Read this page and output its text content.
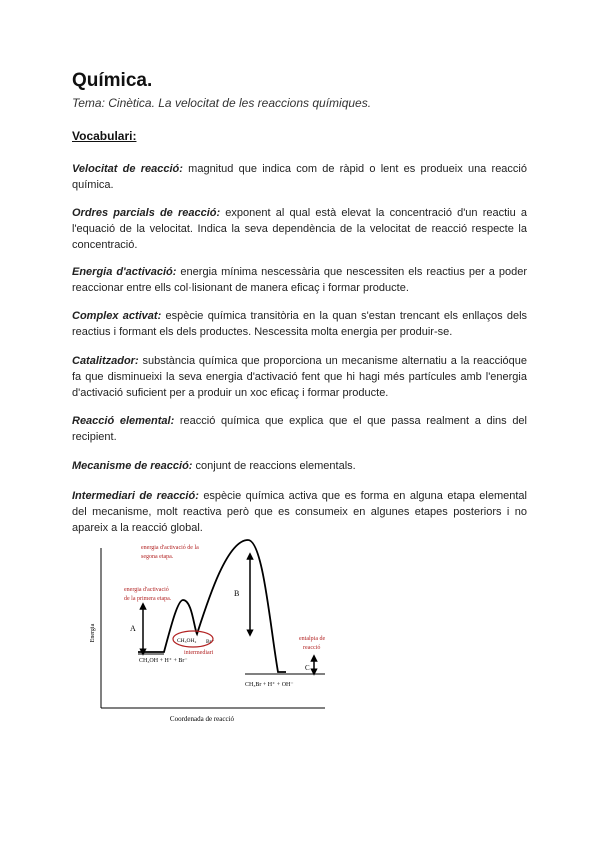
Química.
Tema: Cinètica. La velocitat de les reaccions químiques.
Vocabulari:
Velocitat de reacció: magnitud que indica com de ràpid o lent es produeix una reacció química.
Ordres parcials de reacció: exponent al qual està elevat la concentració d'un reactiu a l'equació de la velocitat. Indica la seva dependència de la velocitat de reacció respecte la concentració.
Energia d'activació: energia mínima nescessària que nescessiten els reactius per a poder reaccionar entre ells col·lisionant de manera eficaç i formar producte.
Complex activat: espècie química transitòria en la quan s'estan trencant els enllaços dels reactius i formant els dels productes. Nescessita molta energia per produir-se.
Catalitzador: substància química que proporciona un mecanisme alternatiu a la reaccióque fa que disminueixi la seva energia d'activació fent que hi hagi més partícules amb l'energia d'activació suficient per a produir un xoc eficaç i formar producte.
Reacció elemental: reacció química que explica que el que passa realment a dins del recipient.
Mecanisme de reacció: conjunt de reaccions elementals.
Intermediari de reacció: espècie química activa que es forma en alguna etapa elemental del mecanisme, molt reactiva però que es consumeix en algunes etapes posteriors i no apareix a la reacció global.
Energia
Coordenada de reacció
CH₃OH + H⁺ + Br⁻
CH₃OH₂ Br⁻
CH₃Br + H⁺ + OH⁻
A
B
C
intermediari
energia d'activació
de la primera etapa.
energia d'activació de la
segona etapa.
entalpia de
reacció
